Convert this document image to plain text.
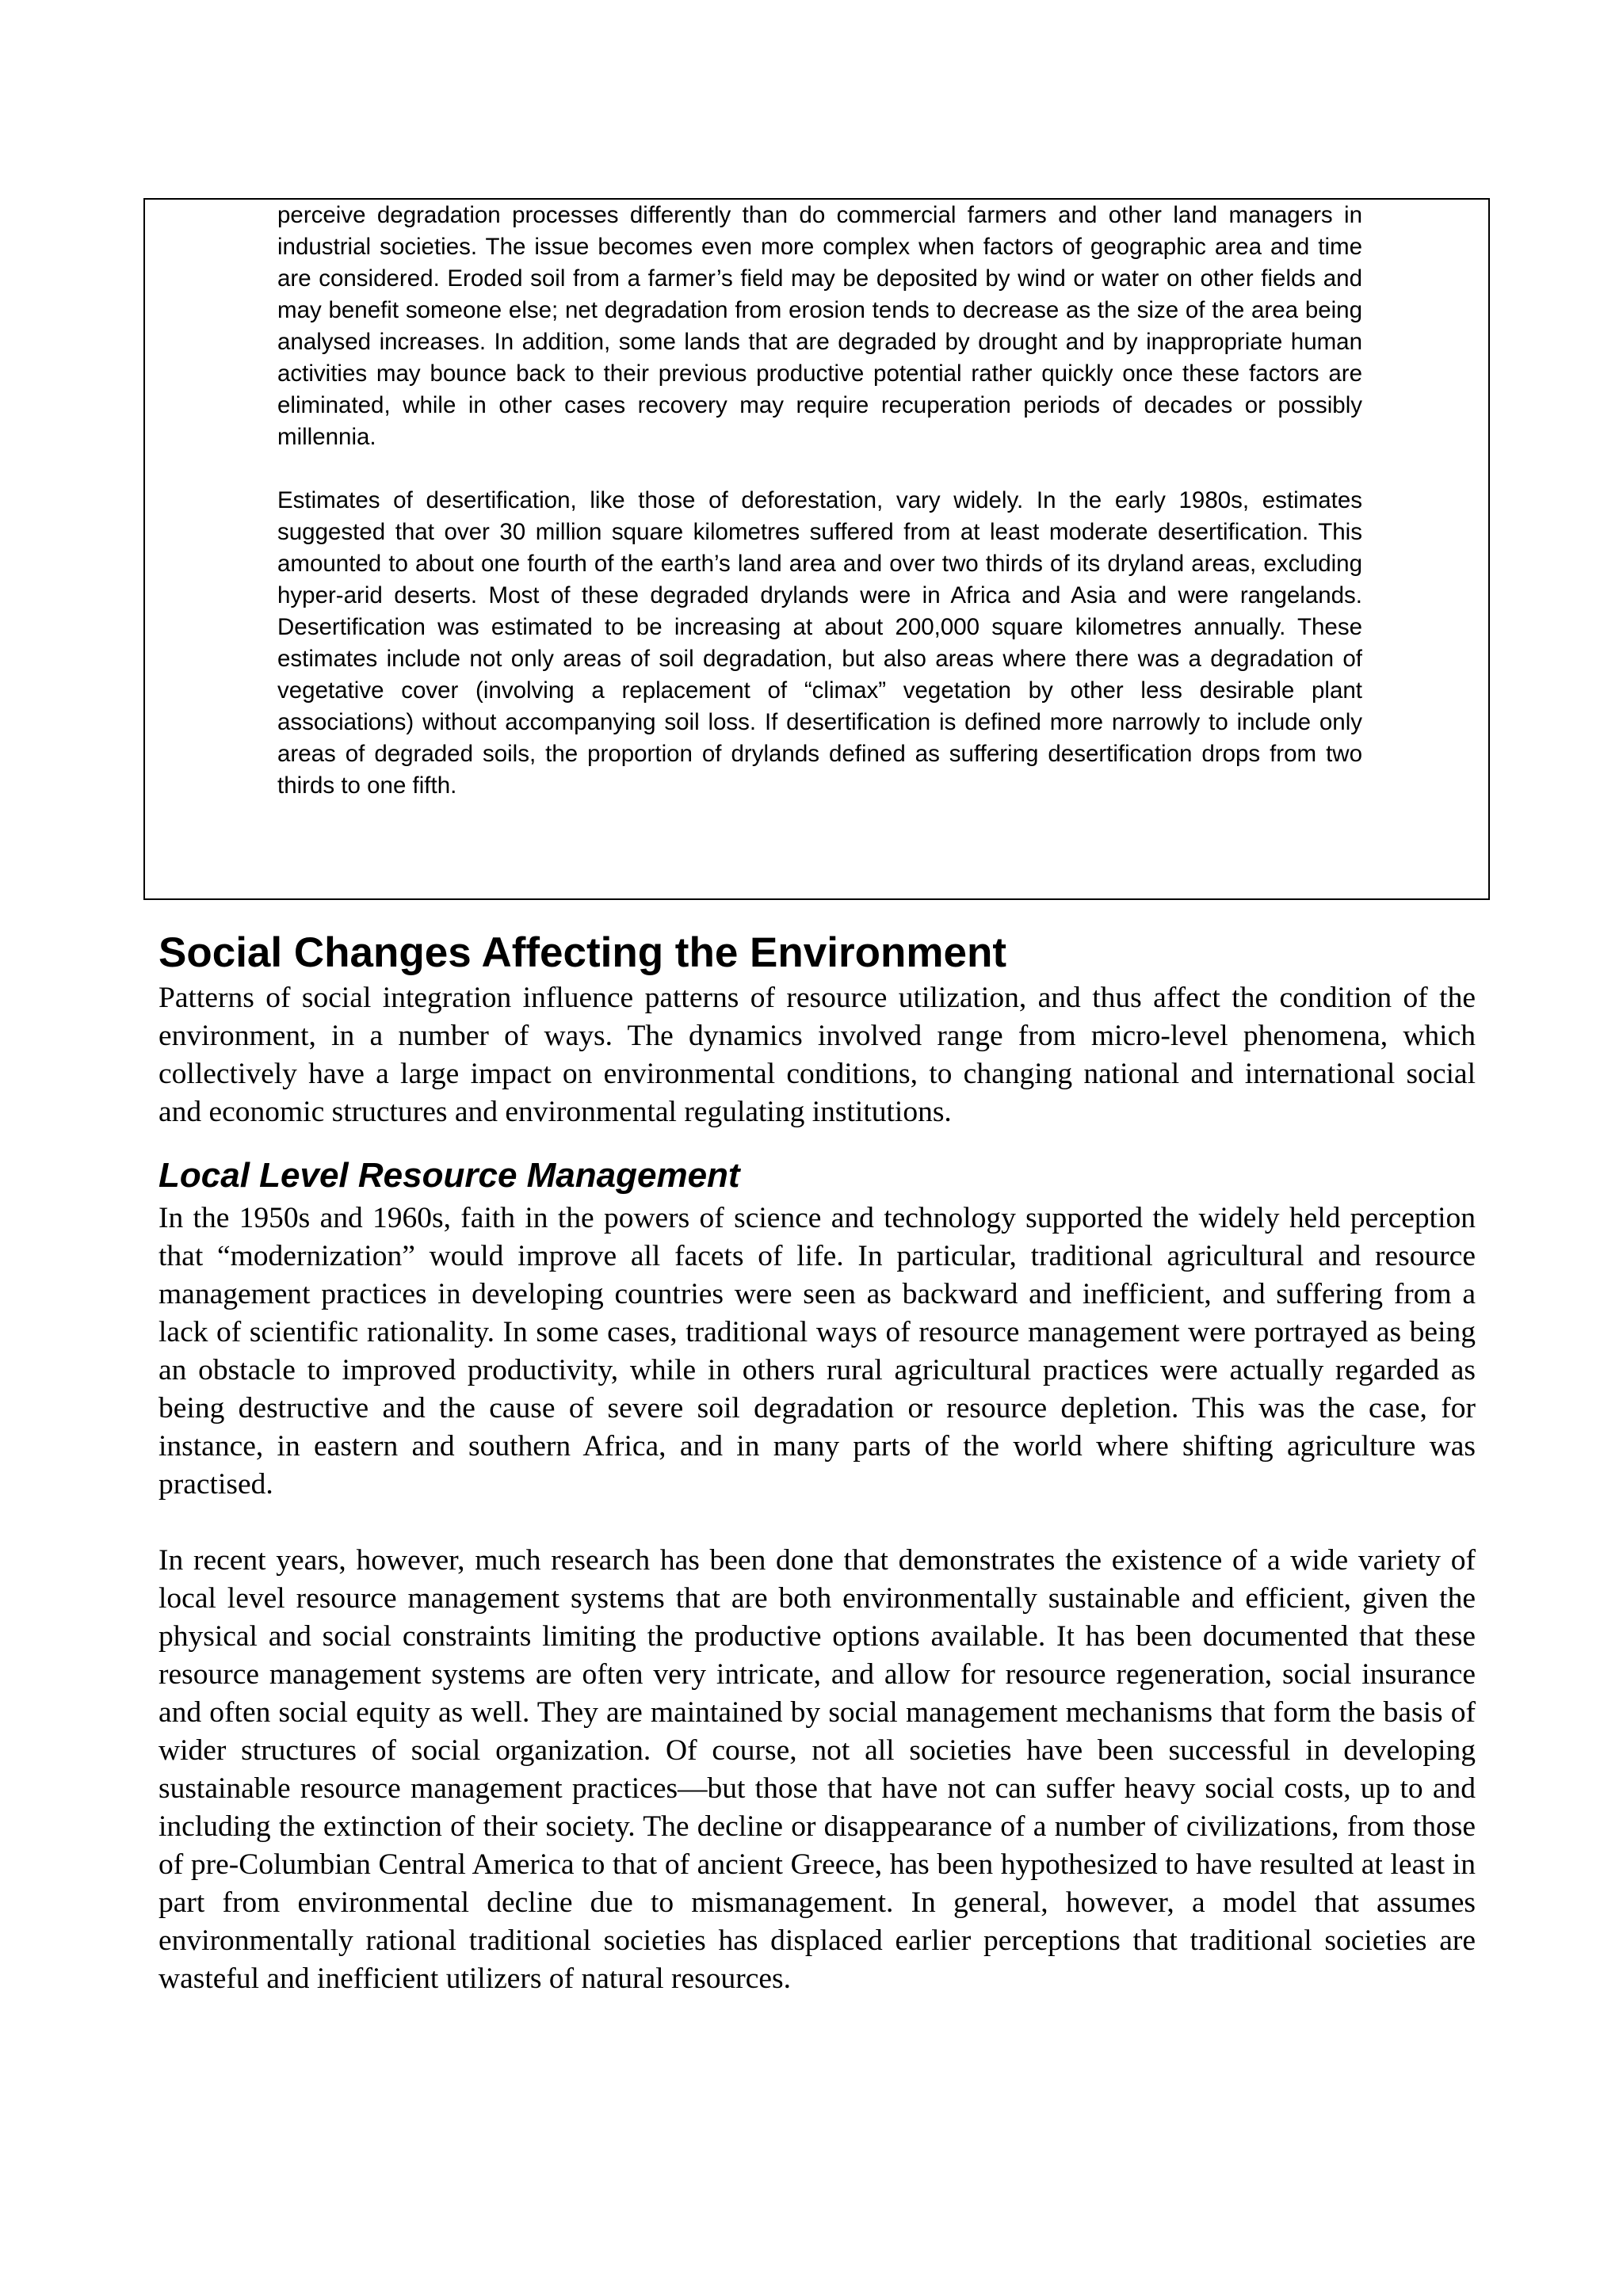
perceive degradation processes differently than do commercial farmers and other land managers in industrial societies. The issue becomes even more complex when factors of geographic area and time are considered. Eroded soil from a farmer’s field may be deposited by wind or water on other fields and may benefit someone else; net degradation from erosion tends to decrease as the size of the area being analysed increases. In addition, some lands that are degraded by drought and by inappropriate human activities may bounce back to their previous productive potential rather quickly once these factors are eliminated, while in other cases recovery may require recuperation periods of decades or possibly millennia.

Estimates of desertification, like those of deforestation, vary widely. In the early 1980s, estimates suggested that over 30 million square kilometres suffered from at least moderate desertification. This amounted to about one fourth of the earth’s land area and over two thirds of its dryland areas, excluding hyper-arid deserts. Most of these degraded drylands were in Africa and Asia and were rangelands. Desertification was estimated to be increasing at about 200,000 square kilometres annually. These estimates include not only areas of soil degradation, but also areas where there was a degradation of vegetative cover (involving a replacement of “climax” vegetation by other less desirable plant associations) without accompanying soil loss. If desertification is defined more narrowly to include only areas of degraded soils, the proportion of drylands defined as suffering desertification drops from two thirds to one fifth.

Social Changes Affecting the Environment

Patterns of social integration influence patterns of resource utilization, and thus affect the condition of the environment, in a number of ways. The dynamics involved range from micro-level phenomena, which collectively have a large impact on environmental conditions, to changing national and international social and economic structures and environmental regulating institutions.

Local Level Resource Management

In the 1950s and 1960s, faith in the powers of science and technology supported the widely held perception that “modernization” would improve all facets of life. In particular, traditional agricultural and resource management practices in developing countries were seen as backward and inefficient, and suffering from a lack of scientific rationality. In some cases, traditional ways of resource management were portrayed as being an obstacle to improved productivity, while in others rural agricultural practices were actually regarded as being destructive and the cause of severe soil degradation or resource depletion. This was the case, for instance, in eastern and southern Africa, and in many parts of the world where shifting agriculture was practised.

In recent years, however, much research has been done that demonstrates the existence of a wide variety of local level resource management systems that are both environmentally sustainable and efficient, given the physical and social constraints limiting the productive options available. It has been documented that these resource management systems are often very intricate, and allow for resource regeneration, social insurance and often social equity as well. They are maintained by social management mechanisms that form the basis of wider structures of social organization. Of course, not all societies have been successful in developing sustainable resource management practices—but those that have not can suffer heavy social costs, up to and including the extinction of their society. The decline or disappearance of a number of civilizations, from those of pre-Columbian Central America to that of ancient Greece, has been hypothesized to have resulted at least in part from environmental decline due to mismanagement. In general, however, a model that assumes environmentally rational traditional societies has displaced earlier perceptions that traditional societies are wasteful and inefficient utilizers of natural resources.
